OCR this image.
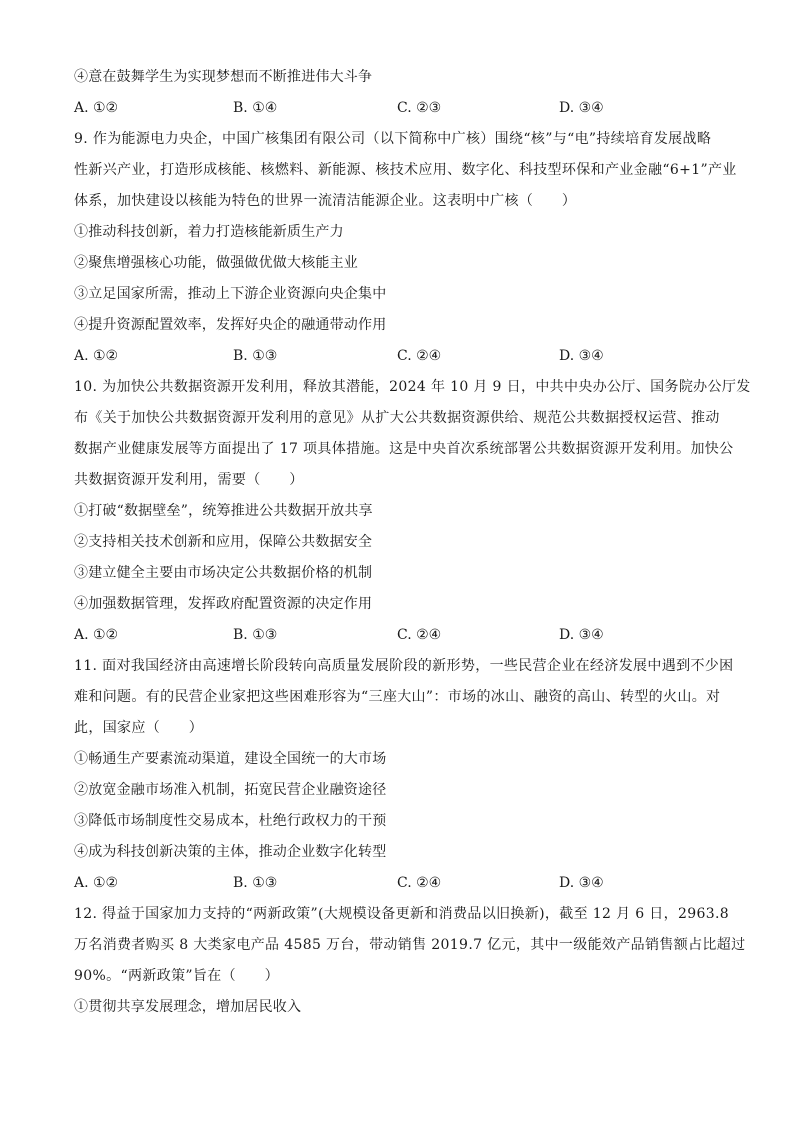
④意在鼓舞学生为实现梦想而不断推进伟大斗争
A. ①②	B. ①④	C. ②③	D. ③④
9. 作为能源电力央企，中国广核集团有限公司（以下简称中广核）围绕“核”与“电”持续培育发展战略
性新兴产业，打造形成核能、核燃料、新能源、核技术应用、数字化、科技型环保和产业金融“6+1”产业
体系，加快建设以核能为特色的世界一流清洁能源企业。这表明中广核（　　）
①推动科技创新，着力打造核能新质生产力
②聚焦增强核心功能，做强做优做大核能主业
③立足国家所需，推动上下游企业资源向央企集中
④提升资源配置效率，发挥好央企的融通带动作用
A. ①②	B. ①③	C. ②④	D. ③④
10. 为加快公共数据资源开发利用，释放其潜能，2024 年 10 月 9 日，中共中央办公厅、国务院办公厅发
布《关于加快公共数据资源开发利用的意见》从扩大公共数据资源供给、规范公共数据授权运营、推动
数据产业健康发展等方面提出了 17 项具体措施。这是中央首次系统部署公共数据资源开发利用。加快公
共数据资源开发利用，需要（　　）
①打破“数据壁垒”，统筹推进公共数据开放共享
②支持相关技术创新和应用，保障公共数据安全
③建立健全主要由市场决定公共数据价格的机制
④加强数据管理，发挥政府配置资源的决定作用
A. ①②	B. ①③	C. ②④	D. ③④
11. 面对我国经济由高速增长阶段转向高质量发展阶段的新形势，一些民营企业在经济发展中遇到不少困
难和问题。有的民营企业家把这些困难形容为“三座大山”：市场的冰山、融资的高山、转型的火山。对
此，国家应（　　）
①畅通生产要素流动渠道，建设全国统一的大市场
②放宽金融市场准入机制，拓宽民营企业融资途径
③降低市场制度性交易成本，杜绝行政权力的干预
④成为科技创新决策的主体，推动企业数字化转型
A. ①②	B. ①③	C. ②④	D. ③④
12. 得益于国家加力支持的“两新政策”(大规模设备更新和消费品以旧换新)，截至 12 月 6 日，2963.8
万名消费者购买 8 大类家电产品 4585 万台，带动销售 2019.7 亿元，其中一级能效产品销售额占比超过
90%。“两新政策”旨在（　　）
①贯彻共享发展理念，增加居民收入
